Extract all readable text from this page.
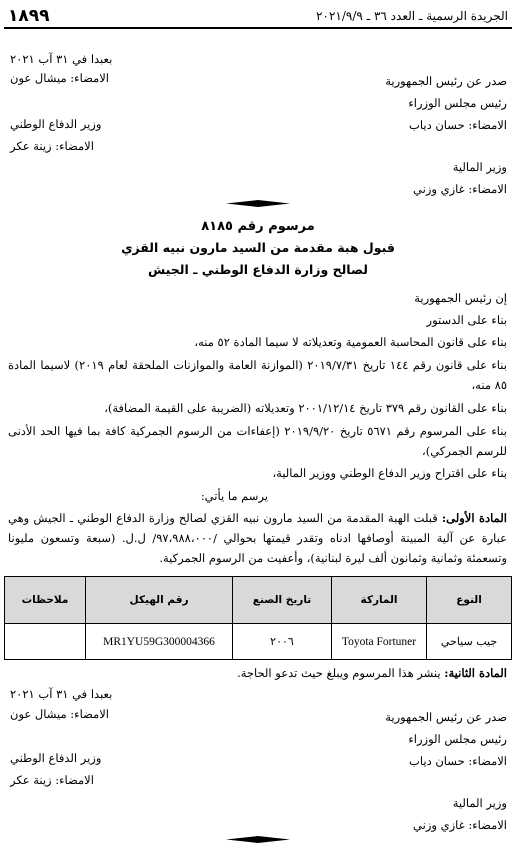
١٨٩٩	الجريدة الرسمية ـ العدد ٣٦ ـ ٢٠٢١/٩/٩
بعبدا في ٣١ آب ٢٠٢١
الامضاء: ميشال عون	صدر عن رئيس الجمهورية
رئيس مجلس الوزراء
وزير الدفاع الوطني	الامضاء: حسان دياب
الامضاء: زينة عكر
وزير المالية
الامضاء: غازي وزني
مرسوم رقم ٨١٨٥
قبول هبة مقدمة من السيد مارون نبيه القزي
لصالح وزارة الدفاع الوطني ـ الجيش
إن رئيس الجمهورية
بناء على الدستور
بناء على قانون المحاسبة العمومية وتعديلاته لا سيما المادة ٥٢ منه،
بناء على قانون رقم ١٤٤ تاريخ ٢٠١٩/٧/٣١ (الموازنة العامة والموازنات الملحقة لعام ٢٠١٩) لاسيما المادة ٨٥ منه،
بناء على القانون رقم ٣٧٩ تاريخ ٢٠٠١/١٢/١٤ وتعديلاته (الضريبة على القيمة المضافة)،
بناء على المرسوم رقم ٥٦٧١ تاريخ ٢٠١٩/٩/٢٠ (إعفاءات من الرسوم الجمركية كافة بما فيها الحد الأدنى للرسم الجمركي)،
بناء على اقتراح وزير الدفاع الوطني ووزير المالية،
يرسم ما يأتي:
المادة الأولى: قبلت الهبة المقدمة من السيد مارون نبيه القزي لصالح وزارة الدفاع الوطني ـ الجيش وهي عبارة عن آلية المبينة أوصافها ادناه وتقدر قيمتها بحوالي /٩٧،٩٨٨،٠٠٠/ ل.ل. (سبعة وتسعون مليونا وتسعمئة وثمانية وثمانون ألف ليرة لبنانية)، وأعفيت من الرسوم الجمركية.
النوع	الماركة	تاريخ الصنع	رقم الهيكل	ملاحظات
جيب سياحي	Toyota Fortuner	٢٠٠٦	MR1YU59G300004366	
المادة الثانية: ينشر هذا المرسوم ويبلغ حيث تدعو الحاجة.
بعبدا في ٣١ آب ٢٠٢١
الامضاء: ميشال عون	صدر عن رئيس الجمهورية
رئيس مجلس الوزراء
وزير الدفاع الوطني	الامضاء: حسان دياب
الامضاء: زينة عكر
وزير المالية
الامضاء: غازي وزني
